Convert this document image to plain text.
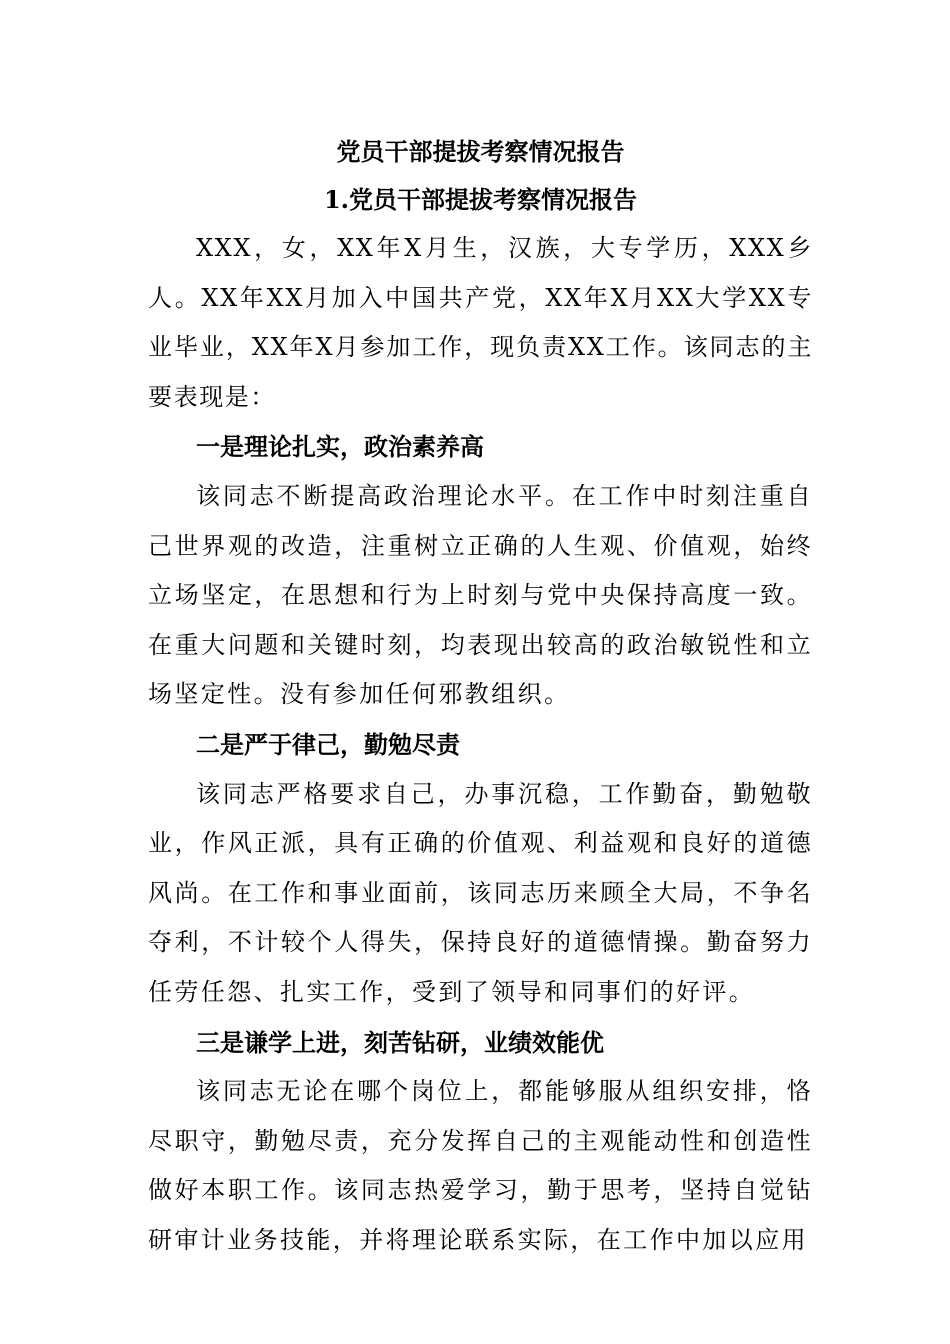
党员干部提拔考察情况报告
1.党员干部提拔考察情况报告

XXX，女，XX年X月生，汉族，大专学历，XXX乡人。XX年XX月加入中国共产党，XX年X月XX大学XX专业毕业，XX年X月参加工作，现负责XX工作。该同志的主要表现是：

一是理论扎实，政治素养高

该同志不断提高政治理论水平。在工作中时刻注重自己世界观的改造，注重树立正确的人生观、价值观，始终立场坚定，在思想和行为上时刻与党中央保持高度一致。在重大问题和关键时刻，均表现出较高的政治敏锐性和立场坚定性。没有参加任何邪教组织。

二是严于律己，勤勉尽责

该同志严格要求自己，办事沉稳，工作勤奋，勤勉敬业，作风正派，具有正确的价值观、利益观和良好的道德风尚。在工作和事业面前，该同志历来顾全大局，不争名夺利，不计较个人得失，保持良好的道德情操。勤奋努力任劳任怨、扎实工作，受到了领导和同事们的好评。

三是谦学上进，刻苦钻研，业绩效能优

该同志无论在哪个岗位上，都能够服从组织安排，恪尽职守，勤勉尽责，充分发挥自己的主观能动性和创造性做好本职工作。该同志热爱学习，勤于思考，坚持自觉钻研审计业务技能，并将理论联系实际，在工作中加以应用
